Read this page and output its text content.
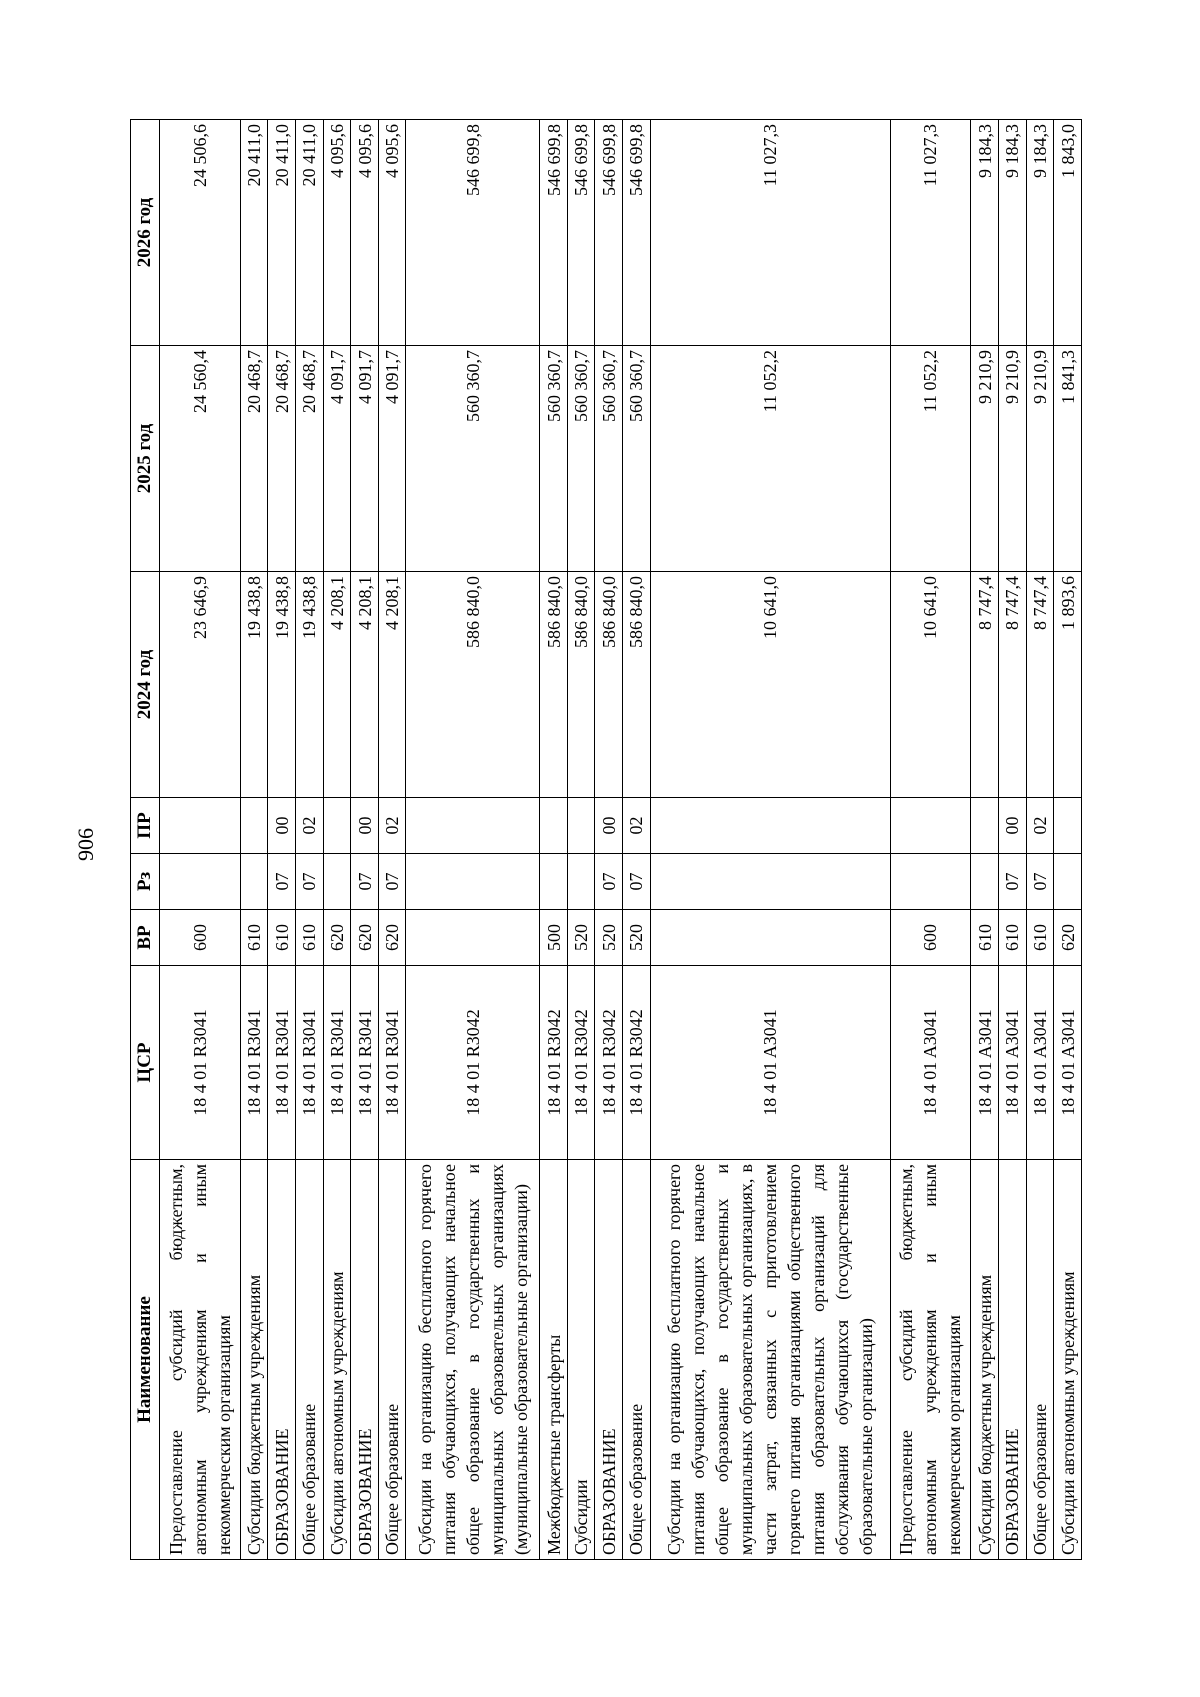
906
Наименование	ЦСР	ВР	Рз	ПР	2024 год	2025 год	2026 год
Предоставление субсидий бюджетным, автономным учреждениям и иным некоммерческим организациям	18 4 01 R3041	600			23 646,9	24 560,4	24 506,6
Субсидии бюджетным учреждениям	18 4 01 R3041	610			19 438,8	20 468,7	20 411,0
ОБРАЗОВАНИЕ	18 4 01 R3041	610	07	00	19 438,8	20 468,7	20 411,0
Общее образование	18 4 01 R3041	610	07	02	19 438,8	20 468,7	20 411,0
Субсидии автономным учреждениям	18 4 01 R3041	620			4 208,1	4 091,7	4 095,6
ОБРАЗОВАНИЕ	18 4 01 R3041	620	07	00	4 208,1	4 091,7	4 095,6
Общее образование	18 4 01 R3041	620	07	02	4 208,1	4 091,7	4 095,6
Субсидии на организацию бесплатного горячего питания обучающихся, получающих начальное общее образование в государственных и муниципальных образовательных организациях (муниципальные образовательные организации)	18 4 01 R3042				586 840,0	560 360,7	546 699,8
Межбюджетные трансферты	18 4 01 R3042	500			586 840,0	560 360,7	546 699,8
Субсидии	18 4 01 R3042	520			586 840,0	560 360,7	546 699,8
ОБРАЗОВАНИЕ	18 4 01 R3042	520	07	00	586 840,0	560 360,7	546 699,8
Общее образование	18 4 01 R3042	520	07	02	586 840,0	560 360,7	546 699,8
Субсидии на организацию бесплатного горячего питания обучающихся, получающих начальное общее образование в государственных и муниципальных образовательных организациях, в части затрат, связанных с приготовлением горячего питания организациями общественного питания образовательных организаций для обслуживания обучающихся (государственные образовательные организации)	18 4 01 A3041				10 641,0	11 052,2	11 027,3
Предоставление субсидий бюджетным, автономным учреждениям и иным некоммерческим организациям	18 4 01 A3041	600			10 641,0	11 052,2	11 027,3
Субсидии бюджетным учреждениям	18 4 01 A3041	610			8 747,4	9 210,9	9 184,3
ОБРАЗОВАНИЕ	18 4 01 A3041	610	07	00	8 747,4	9 210,9	9 184,3
Общее образование	18 4 01 A3041	610	07	02	8 747,4	9 210,9	9 184,3
Субсидии автономным учреждениям	18 4 01 A3041	620			1 893,6	1 841,3	1 843,0
